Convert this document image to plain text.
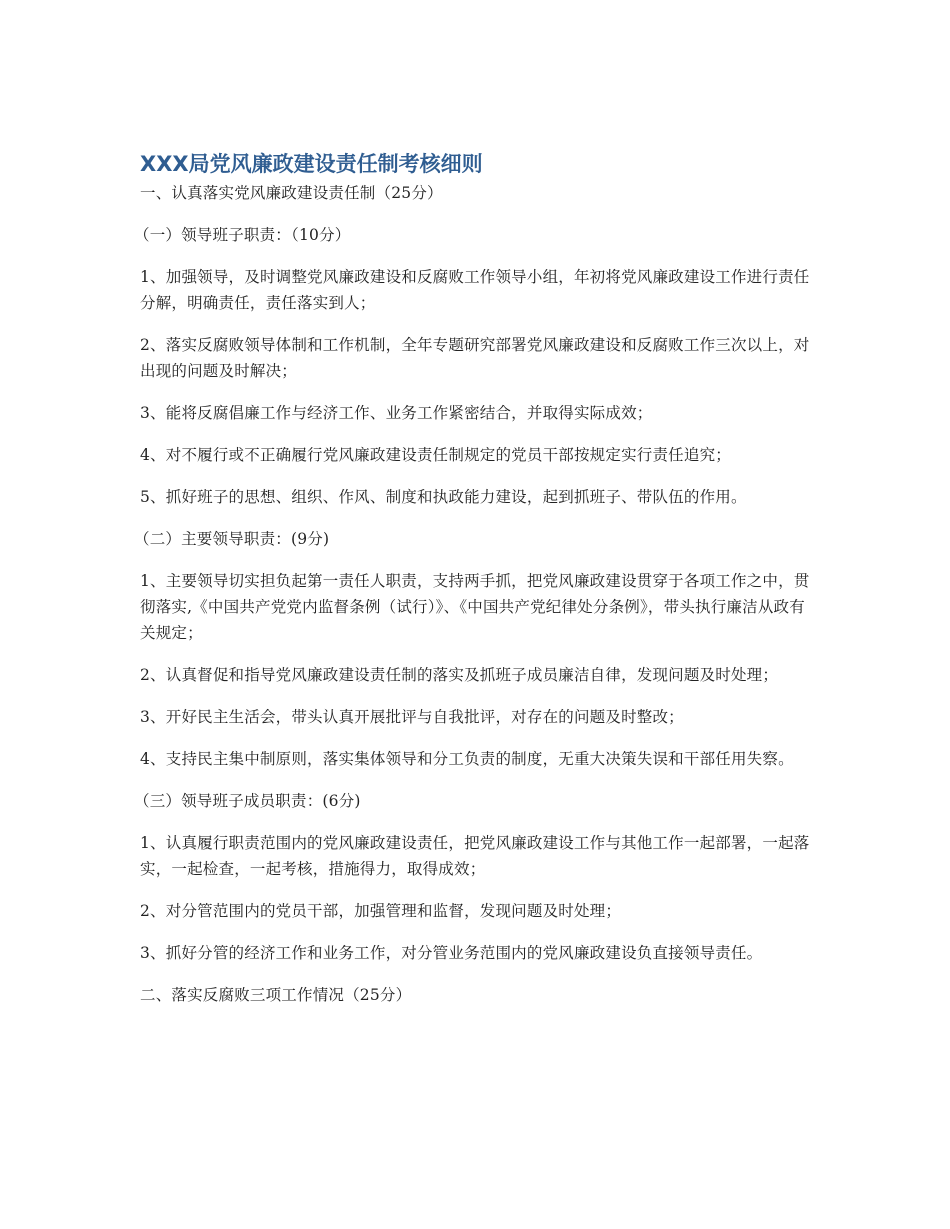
XXX局党风廉政建设责任制考核细则

一、认真落实党风廉政建设责任制（25分）

（一）领导班子职责：（10分）

1、加强领导，及时调整党风廉政建设和反腐败工作领导小组，年初将党风廉政建设工作进行责任分解，明确责任，责任落实到人；

2、落实反腐败领导体制和工作机制，全年专题研究部署党风廉政建设和反腐败工作三次以上，对出现的问题及时解决；

3、能将反腐倡廉工作与经济工作、业务工作紧密结合，并取得实际成效；

4、对不履行或不正确履行党风廉政建设责任制规定的党员干部按规定实行责任追究；

5、抓好班子的思想、组织、作风、制度和执政能力建设，起到抓班子、带队伍的作用。

（二）主要领导职责：(9分)

1、主要领导切实担负起第一责任人职责，支持两手抓，把党风廉政建设贯穿于各项工作之中，贯彻落实,《中国共产党党内监督条例（试行）》、《中国共产党纪律处分条例》，带头执行廉洁从政有关规定；

2、认真督促和指导党风廉政建设责任制的落实及抓班子成员廉洁自律，发现问题及时处理；

3、开好民主生活会，带头认真开展批评与自我批评，对存在的问题及时整改；

4、支持民主集中制原则，落实集体领导和分工负责的制度，无重大决策失误和干部任用失察。

（三）领导班子成员职责：(6分)

1、认真履行职责范围内的党风廉政建设责任，把党风廉政建设工作与其他工作一起部署，一起落实，一起检查，一起考核，措施得力，取得成效；

2、对分管范围内的党员干部，加强管理和监督，发现问题及时处理；

3、抓好分管的经济工作和业务工作，对分管业务范围内的党风廉政建设负直接领导责任。

二、落实反腐败三项工作情况（25分）
